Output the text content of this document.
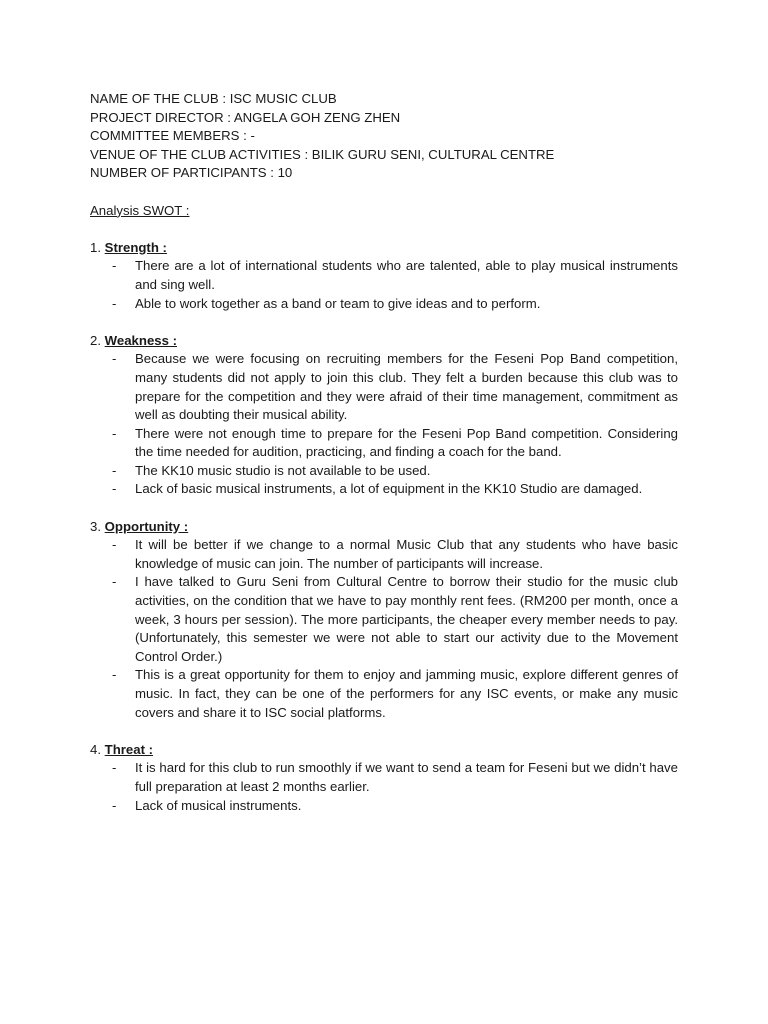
NAME OF THE CLUB : ISC MUSIC CLUB
PROJECT DIRECTOR : ANGELA GOH ZENG ZHEN
COMMITTEE MEMBERS : -
VENUE OF THE CLUB ACTIVITIES : BILIK GURU SENI, CULTURAL CENTRE
NUMBER OF PARTICIPANTS : 10
Analysis SWOT :
1. Strength :
- There are a lot of international students who are talented, able to play musical instruments and sing well.
- Able to work together as a band or team to give ideas and to perform.
2. Weakness :
- Because we were focusing on recruiting members for the Feseni Pop Band competition, many students did not apply to join this club. They felt a burden because this club was to prepare for the competition and they were afraid of their time management, commitment as well as doubting their musical ability.
- There were not enough time to prepare for the Feseni Pop Band competition. Considering the time needed for audition, practicing, and finding a coach for the band.
- The KK10 music studio is not available to be used.
- Lack of basic musical instruments, a lot of equipment in the KK10 Studio are damaged.
3. Opportunity :
- It will be better if we change to a normal Music Club that any students who have basic knowledge of music can join. The number of participants will increase.
- I have talked to Guru Seni from Cultural Centre to borrow their studio for the music club activities, on the condition that we have to pay monthly rent fees. (RM200 per month, once a week, 3 hours per session). The more participants, the cheaper every member needs to pay. (Unfortunately, this semester we were not able to start our activity due to the Movement Control Order.)
- This is a great opportunity for them to enjoy and jamming music, explore different genres of music. In fact, they can be one of the performers for any ISC events, or make any music covers and share it to ISC social platforms.
4. Threat :
- It is hard for this club to run smoothly if we want to send a team for Feseni but we didn’t have full preparation at least 2 months earlier.
- Lack of musical instruments.
